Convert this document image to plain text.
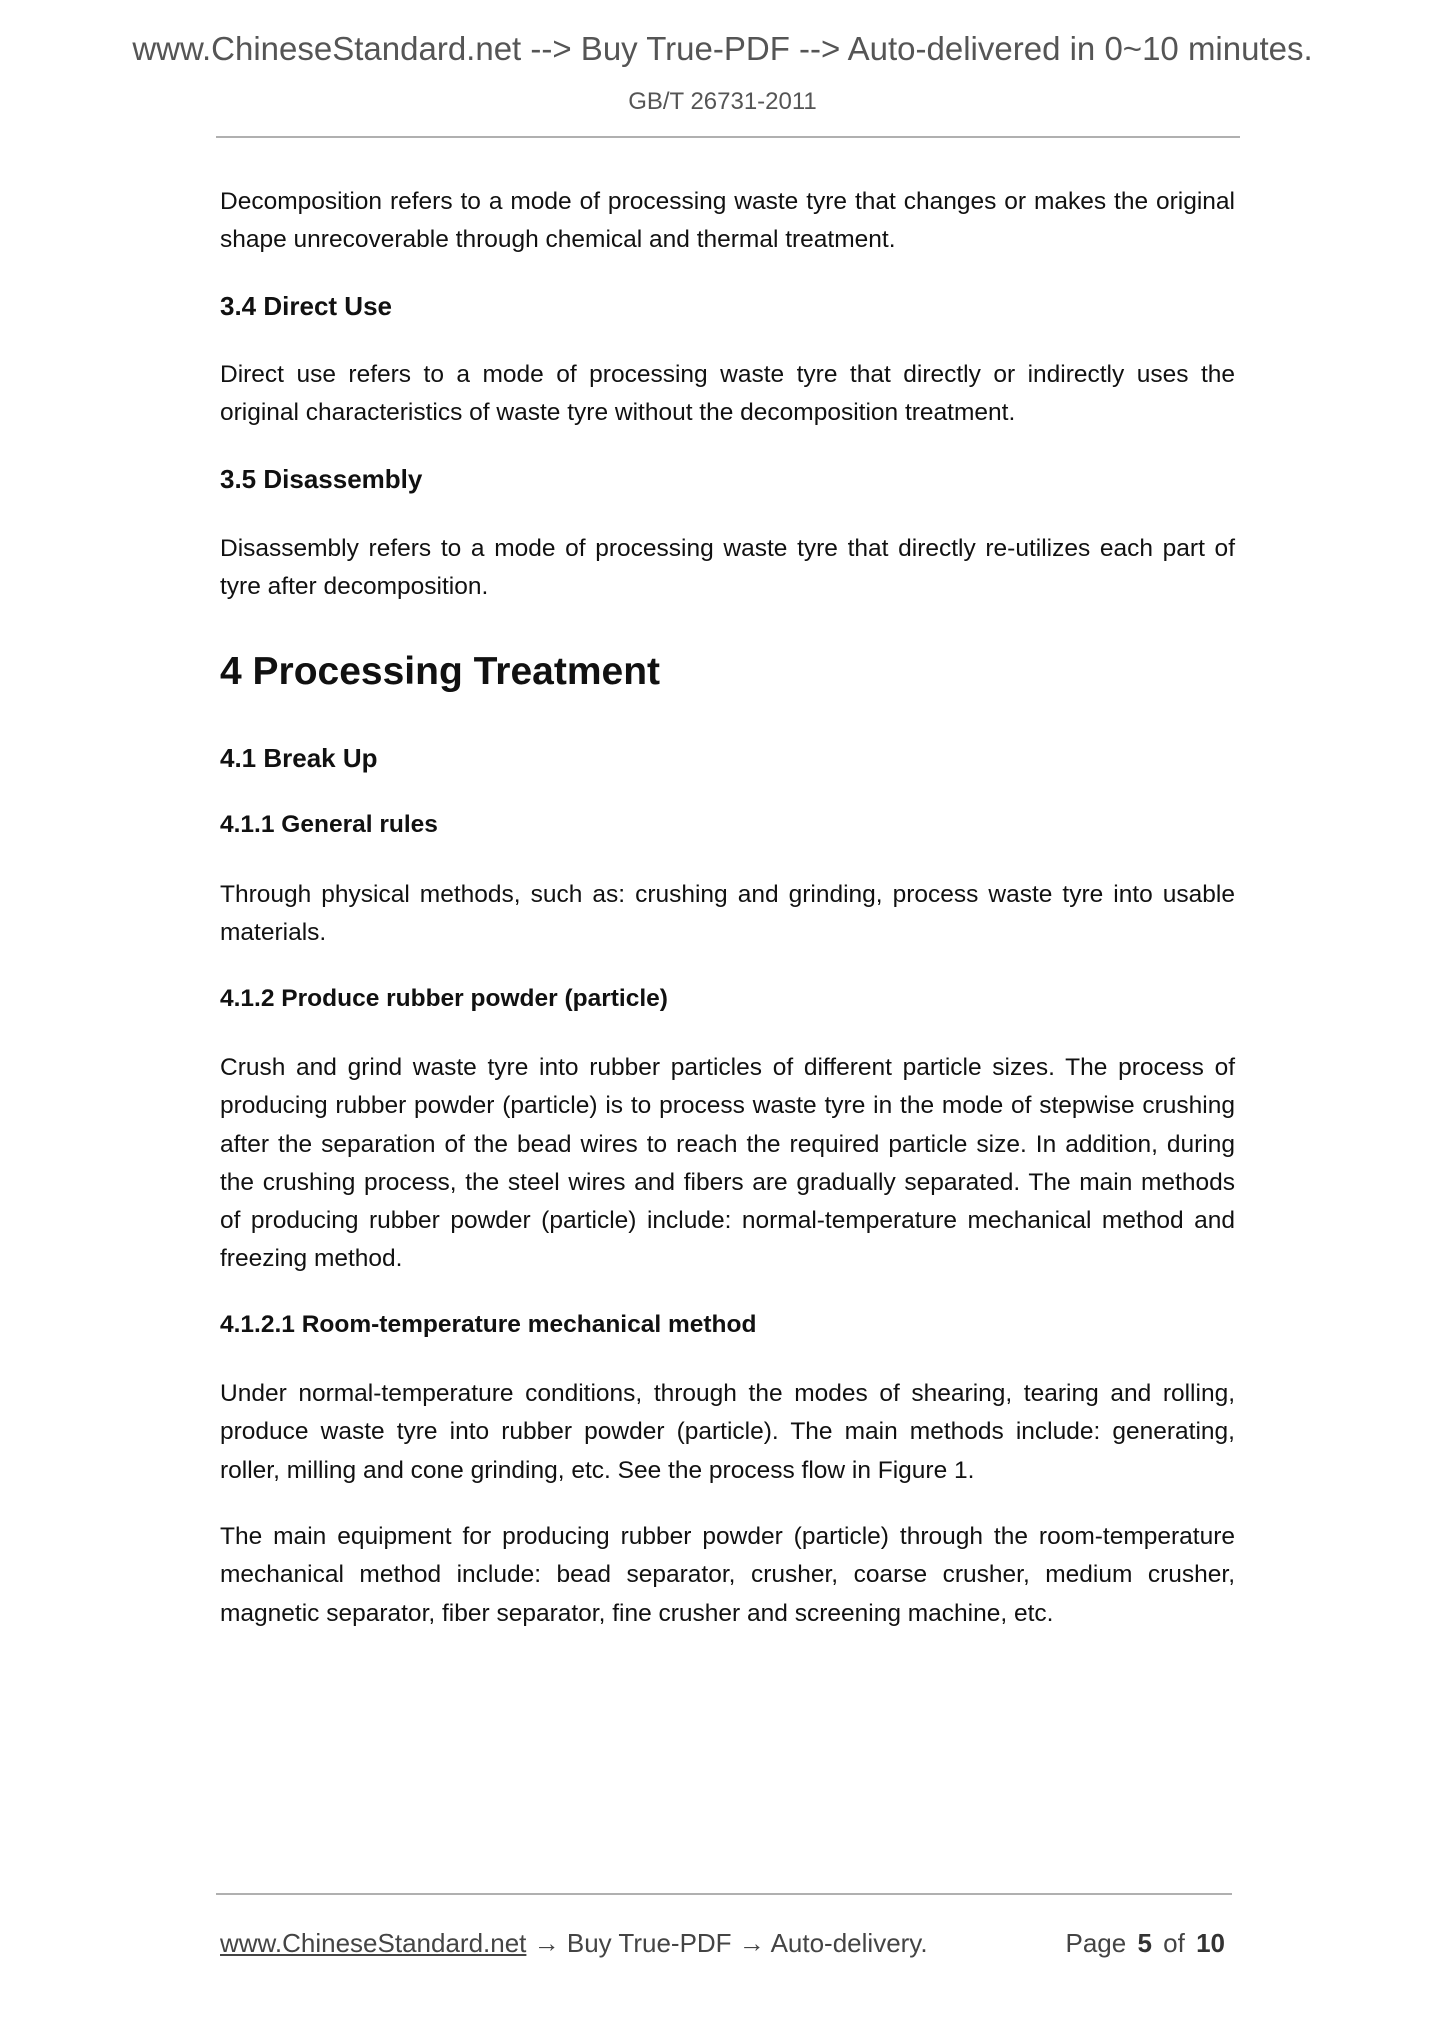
www.ChineseStandard.net --> Buy True-PDF --> Auto-delivered in 0~10 minutes.
GB/T 26731-2011

Decomposition refers to a mode of processing waste tyre that changes or makes the original shape unrecoverable through chemical and thermal treatment.

3.4 Direct Use

Direct use refers to a mode of processing waste tyre that directly or indirectly uses the original characteristics of waste tyre without the decomposition treatment.

3.5 Disassembly

Disassembly refers to a mode of processing waste tyre that directly re-utilizes each part of tyre after decomposition.

4 Processing Treatment
4.1 Break Up
4.1.1 General rules

Through physical methods, such as: crushing and grinding, process waste tyre into usable materials.

4.1.2 Produce rubber powder (particle)

Crush and grind waste tyre into rubber particles of different particle sizes. The process of producing rubber powder (particle) is to process waste tyre in the mode of stepwise crushing after the separation of the bead wires to reach the required particle size. In addition, during the crushing process, the steel wires and fibers are gradually separated. The main methods of producing rubber powder (particle) include: normal-temperature mechanical method and freezing method.

4.1.2.1 Room-temperature mechanical method

Under normal-temperature conditions, through the modes of shearing, tearing and rolling, produce waste tyre into rubber powder (particle). The main methods include: generating, roller, milling and cone grinding, etc. See the process flow in Figure 1.

The main equipment for producing rubber powder (particle) through the room-temperature mechanical method include: bead separator, crusher, coarse crusher, medium crusher, magnetic separator, fiber separator, fine crusher and screening machine, etc.

www.ChineseStandard.net → Buy True-PDF → Auto-delivery.	Page 5 of 10
